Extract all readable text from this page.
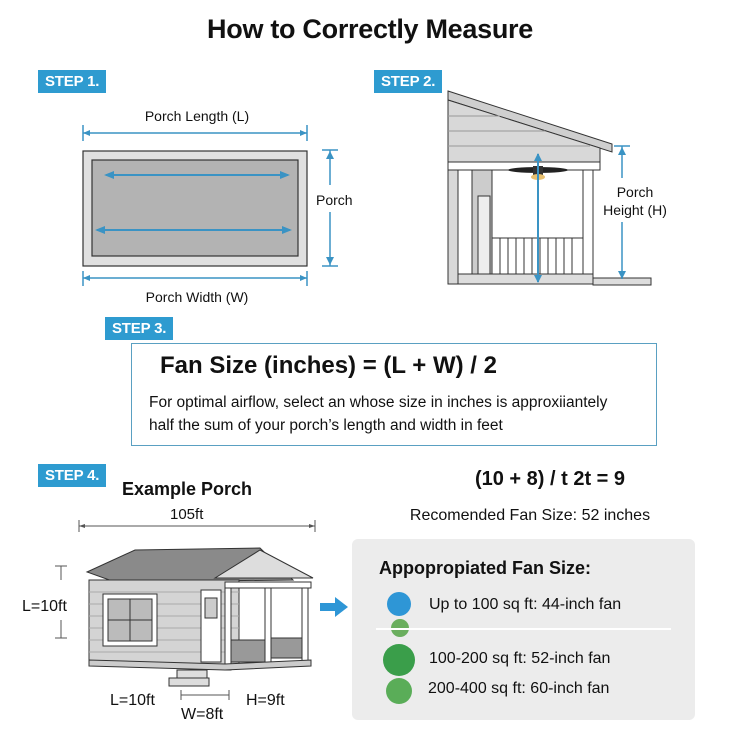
How to Correctly Measure
STEP 1.
Porch Length (L)
Porch
Porch Width (W)
STEP 2.
Porch
Height (H)
STEP 3.
Fan Size (inches) = (L + W) / 2
For optimal airflow, select an whose size in inches is approxiiantely
half the sum of your porch’s length and width in feet
STEP 4.
Example Porch
105ft
L=10ft
L=10ft
W=8ft
H=9ft
(10 + 8) / t 2t = 9
Recomended Fan Size: 52 inches
Appopropiated Fan Size:
Up to 100 sq ft: 44-inch fan
100-200 sq ft: 52-inch fan
200-400 sq ft: 60-inch fan
